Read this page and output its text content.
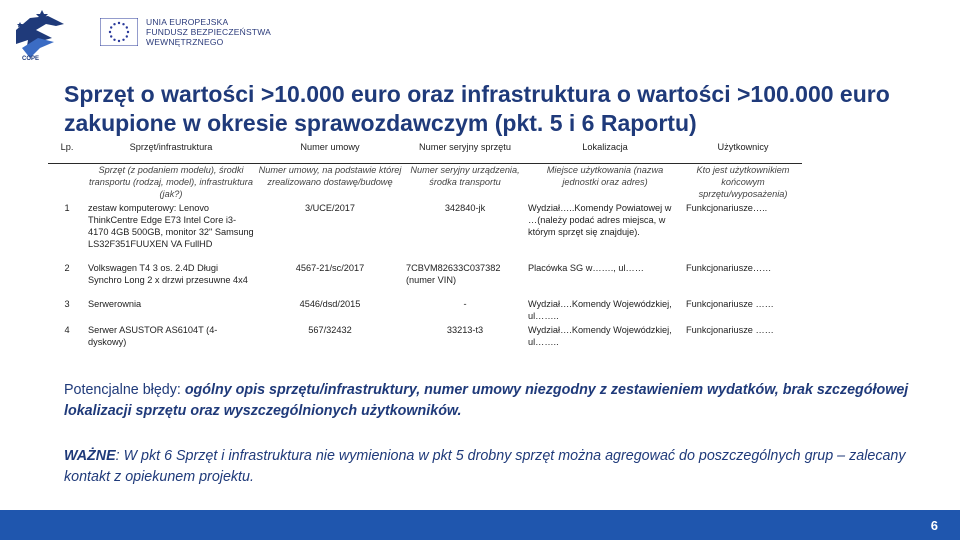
COPE
UNIA EUROPEJSKA
FUNDUSZ BEZPIECZEŃSTWA
WEWNĘTRZNEGO
Sprzęt o wartości >10.000 euro oraz infrastruktura o wartości >100.000 euro zakupione w okresie sprawozdawczym (pkt. 5 i 6 Raportu)
Lp.	Sprzęt/infrastruktura	Numer umowy	Numer seryjny sprzętu	Lokalizacja	Użytkownicy
	Sprzęt (z podaniem modelu), środki transportu (rodzaj, model), infrastruktura (jak?)	Numer umowy, na podstawie której zrealizowano dostawę/budowę	Numer seryjny urządzenia, środka transportu	Miejsce użytkowania (nazwa jednostki oraz adres)	Kto jest użytkownikiem końcowym sprzętu/wyposażenia)
1	zestaw komputerowy: Lenovo ThinkCentre Edge E73 Intel Core i3-4170 4GB 500GB, monitor 32" Samsung LS32F351FUUXEN VA FullHD	3/UCE/2017	342840-jk	Wydział…..Komendy Powiatowej w …(należy podać adres miejsca, w którym sprzęt się znajduje).	Funkcjonariusze…..
2	Volkswagen T4 3 os. 2.4D Długi Synchro Long 2 x drzwi przesuwne 4x4	4567-21/sc/2017	7CBVM82633C037382 (numer VIN)	Placówka SG w……., ul……	Funkcjonariusze……
3	Serwerownia	4546/dsd/2015	-	Wydział….Komendy Wojewódzkiej, ul……..	Funkcjonariusze ……
4	Serwer ASUSTOR AS6104T (4-dyskowy)	567/32432	33213-t3	Wydział….Komendy Wojewódzkiej, ul……..	Funkcjonariusze ……
Potencjalne błędy: ogólny opis sprzętu/infrastruktury, numer umowy niezgodny z zestawieniem wydatków, brak szczegółowej lokalizacji sprzętu oraz wyszczególnionych użytkowników.
WAŻNE: W pkt 6 Sprzęt i infrastruktura nie wymieniona w pkt 5 drobny sprzęt można agregować do poszczególnych grup – zalecany kontakt z opiekunem projektu.
6
